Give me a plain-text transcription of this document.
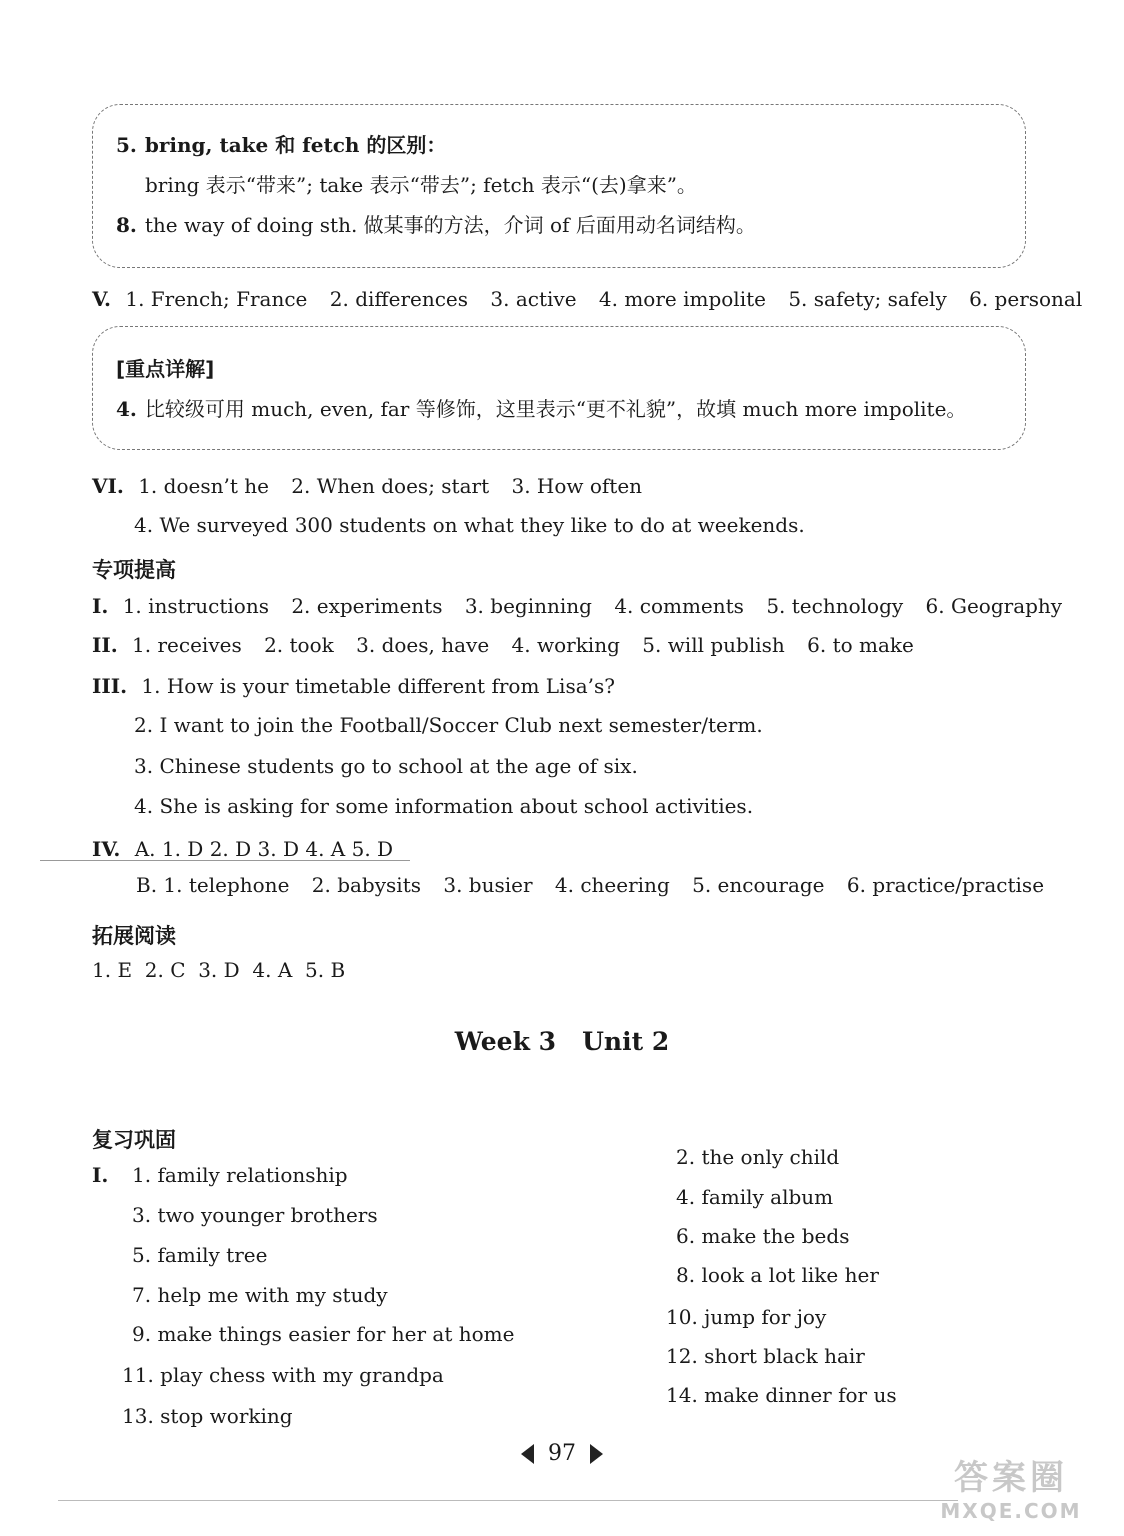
5. bring, take 和 fetch 的区别：
bring 表示“带来”; take 表示“带去”; fetch 表示“(去)拿来”。
8. the way of doing sth. 做某事的方法，介词 of 后面用动名词结构。
V. 1. French; France 2. differences 3. active 4. more impolite 5. safety; safely 6. personal
[重点详解]
4. 比较级可用 much, even, far 等修饰，这里表示“更不礼貌”，故填 much more impolite。
VI. 1. doesn’t he 2. When does; start 3. How often
4. We surveyed 300 students on what they like to do at weekends.
专项提高
I. 1. instructions 2. experiments 3. beginning 4. comments 5. technology 6. Geography
II. 1. receives 2. took 3. does, have 4. working 5. will publish 6. to make
III. 1. How is your timetable different from Lisa’s?
2. I want to join the Football/Soccer Club next semester/term.
3. Chinese students go to school at the age of six.
4. She is asking for some information about school activities.
IV. A. 1. D 2. D 3. D 4. A 5. D
B. 1. telephone 2. babysits 3. busier 4. cheering 5. encourage 6. practice/practise
拓展阅读
1. E  2. C  3. D  4. A  5. B
Week 3   Unit 2
复习巩固
I. 1. family relationship
3. two younger brothers
5. family tree
7. help me with my study
9. make things easier for her at home
11. play chess with my grandpa
13. stop working
2. the only child
4. family album
6. make the beds
8. look a lot like her
10. jump for joy
12. short black hair
14. make dinner for us
97
答案圈
MXQE.COM
